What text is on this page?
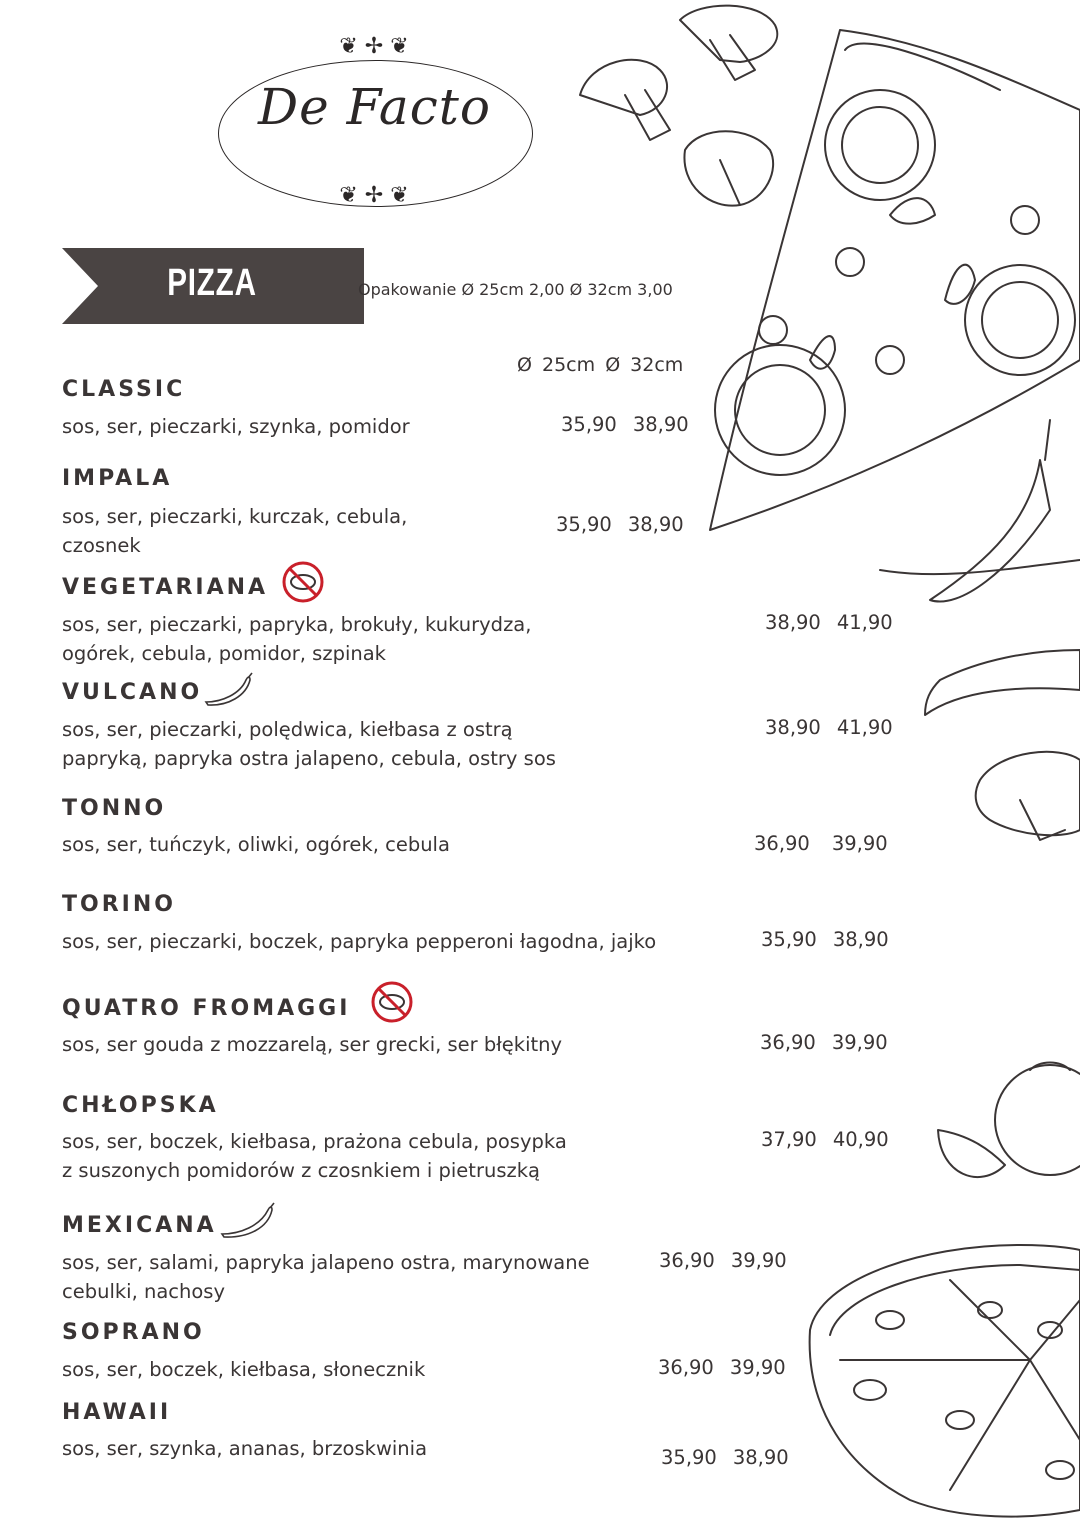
❦ ✢ ❦
De Facto
❦ ✢ ❦
PIZZA	Opakowanie Ø 25cm 2,00 Ø 32cm 3,00
Ø 25cm Ø 32cm
CLASSIC
sos, ser, pieczarki, szynka, pomidor	35,90 38,90
IMPALA
sos, ser, pieczarki, kurczak, cebula,
czosnek
35,90 38,90
VEGETARIANA
sos, ser, pieczarki, papryka, brokuły, kukurydza,
ogórek, cebula, pomidor, szpinak
38,90 41,90
VULCANO
sos, ser, pieczarki, polędwica, kiełbasa z ostrą
papryką, papryka ostra jalapeno, cebula, ostry sos
38,90 41,90
TONNO
sos, ser, tuńczyk, oliwki, ogórek, cebula	36,90 39,90
TORINO
sos, ser, pieczarki, boczek, papryka pepperoni łagodna, jajko	35,90 38,90
QUATRO FROMAGGI
sos, ser gouda z mozzarelą, ser grecki, ser błękitny	36,90 39,90
CHŁOPSKA
sos, ser, boczek, kiełbasa, prażona cebula, posypka
z suszonych pomidorów z czosnkiem i pietruszką
37,90 40,90
MEXICANA
sos, ser, salami, papryka jalapeno ostra, marynowane
cebulki, nachosy
36,90 39,90
SOPRANO
sos, ser, boczek, kiełbasa, słonecznik	36,90 39,90
HAWAII
sos, ser, szynka, ananas, brzoskwinia	35,90 38,90
